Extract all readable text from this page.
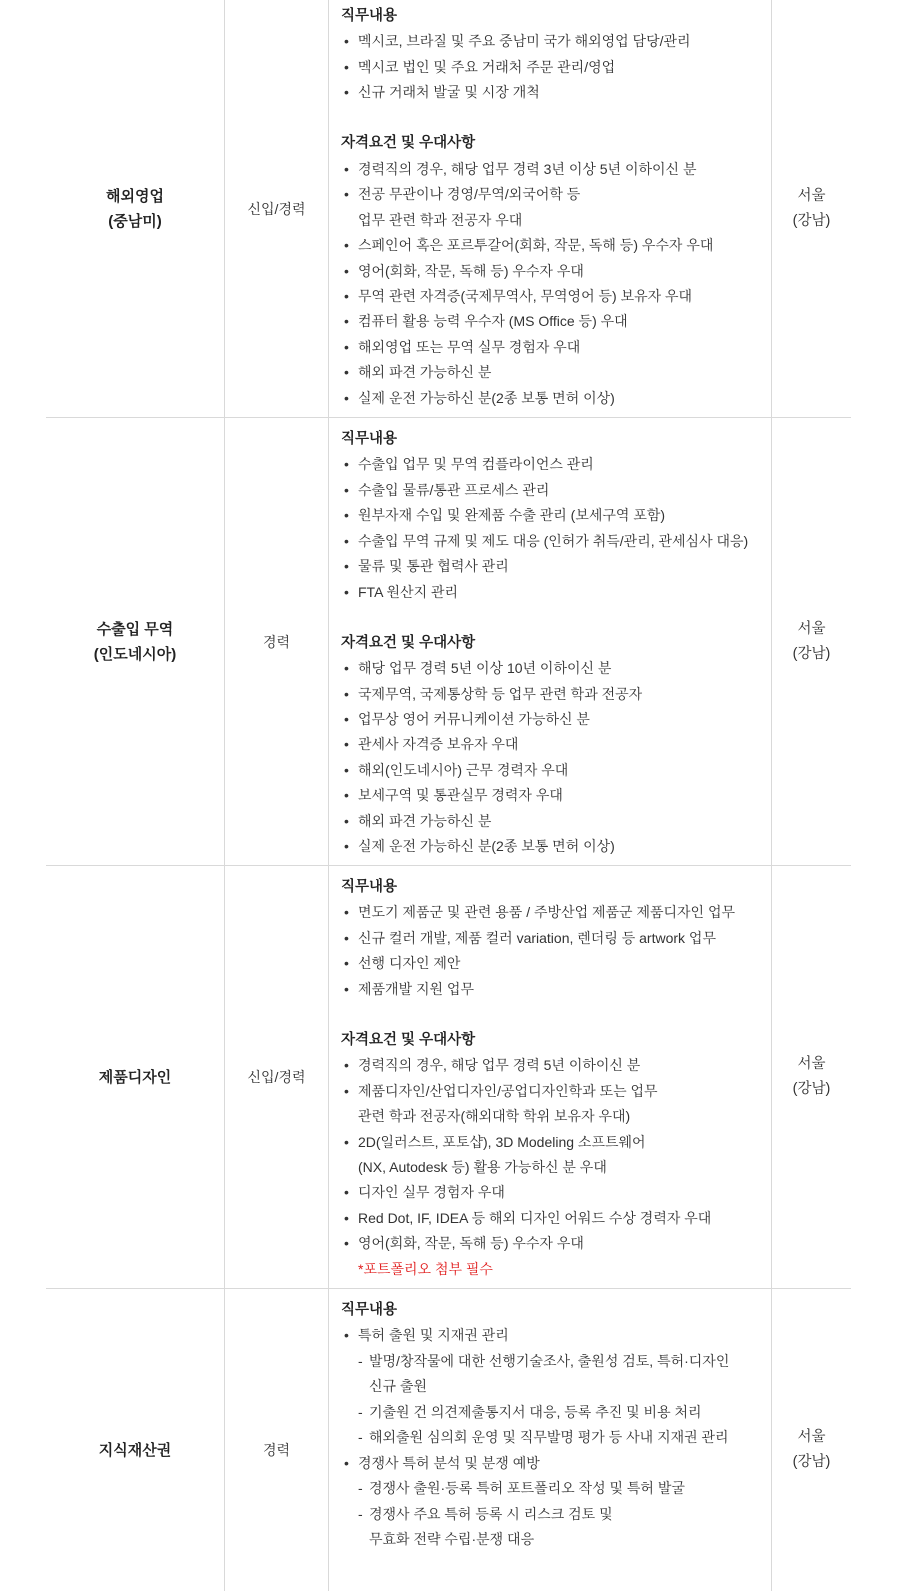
해외영업
(중남미)
신입/경력
직무내용
• 멕시코, 브라질 및 주요 중남미 국가 해외영업 담당/관리
• 멕시코 법인 및 주요 거래처 주문 관리/영업
• 신규 거래처 발굴 및 시장 개척
자격요건 및 우대사항
• 경력직의 경우, 해당 업무 경력 3년 이상 5년 이하이신 분
• 전공 무관이나 경영/무역/외국어학 등
업무 관련 학과 전공자 우대
• 스페인어 혹은 포르투갈어(회화, 작문, 독해 등) 우수자 우대
• 영어(회화, 작문, 독해 등) 우수자 우대
• 무역 관련 자격증(국제무역사, 무역영어 등) 보유자 우대
• 컴퓨터 활용 능력 우수자 (MS Office 등) 우대
• 해외영업 또는 무역 실무 경험자 우대
• 해외 파견 가능하신 분
• 실제 운전 가능하신 분(2종 보통 면허 이상)
서울
(강남)
수출입 무역
(인도네시아)
경력
직무내용
• 수출입 업무 및 무역 컴플라이언스 관리
• 수출입 물류/통관 프로세스 관리
• 원부자재 수입 및 완제품 수출 관리 (보세구역 포함)
• 수출입 무역 규제 및 제도 대응 (인허가 취득/관리, 관세심사 대응)
• 물류 및 통관 협력사 관리
• FTA 원산지 관리
자격요건 및 우대사항
• 해당 업무 경력 5년 이상 10년 이하이신 분
• 국제무역, 국제통상학 등 업무 관련 학과 전공자
• 업무상 영어 커뮤니케이션 가능하신 분
• 관세사 자격증 보유자 우대
• 해외(인도네시아) 근무 경력자 우대
• 보세구역 및 통관실무 경력자 우대
• 해외 파견 가능하신 분
• 실제 운전 가능하신 분(2종 보통 면허 이상)
서울
(강남)
제품디자인	신입/경력
직무내용
• 면도기 제품군 및 관련 용품 / 주방산업 제품군 제품디자인 업무
• 신규 컬러 개발, 제품 컬러 variation, 렌더링 등 artwork 업무
• 선행 디자인 제안
• 제품개발 지원 업무
자격요건 및 우대사항
• 경력직의 경우, 해당 업무 경력 5년 이하이신 분
• 제품디자인/산업디자인/공업디자인학과 또는 업무
관련 학과 전공자(해외대학 학위 보유자 우대)
• 2D(일러스트, 포토샵), 3D Modeling 소프트웨어
(NX, Autodesk 등) 활용 가능하신 분 우대
• 디자인 실무 경험자 우대
• Red Dot, IF, IDEA 등 해외 디자인 어워드 수상 경력자 우대
• 영어(회화, 작문, 독해 등) 우수자 우대
*포트폴리오 첨부 필수
서울
(강남)
지식재산권	경력
직무내용
• 특허 출원 및 지재권 관리
- 발명/창작물에 대한 선행기술조사, 출원성 검토, 특허·디자인
신규 출원
- 기출원 건 의견제출통지서 대응, 등록 추진 및 비용 처리
- 해외출원 심의회 운영 및 직무발명 평가 등 사내 지재권 관리
• 경쟁사 특허 분석 및 분쟁 예방
- 경쟁사 출원·등록 특허 포트폴리오 작성 및 특허 발굴
- 경쟁사 주요 특허 등록 시 리스크 검토 및
무효화 전략 수립·분쟁 대응
서울
(강남)
